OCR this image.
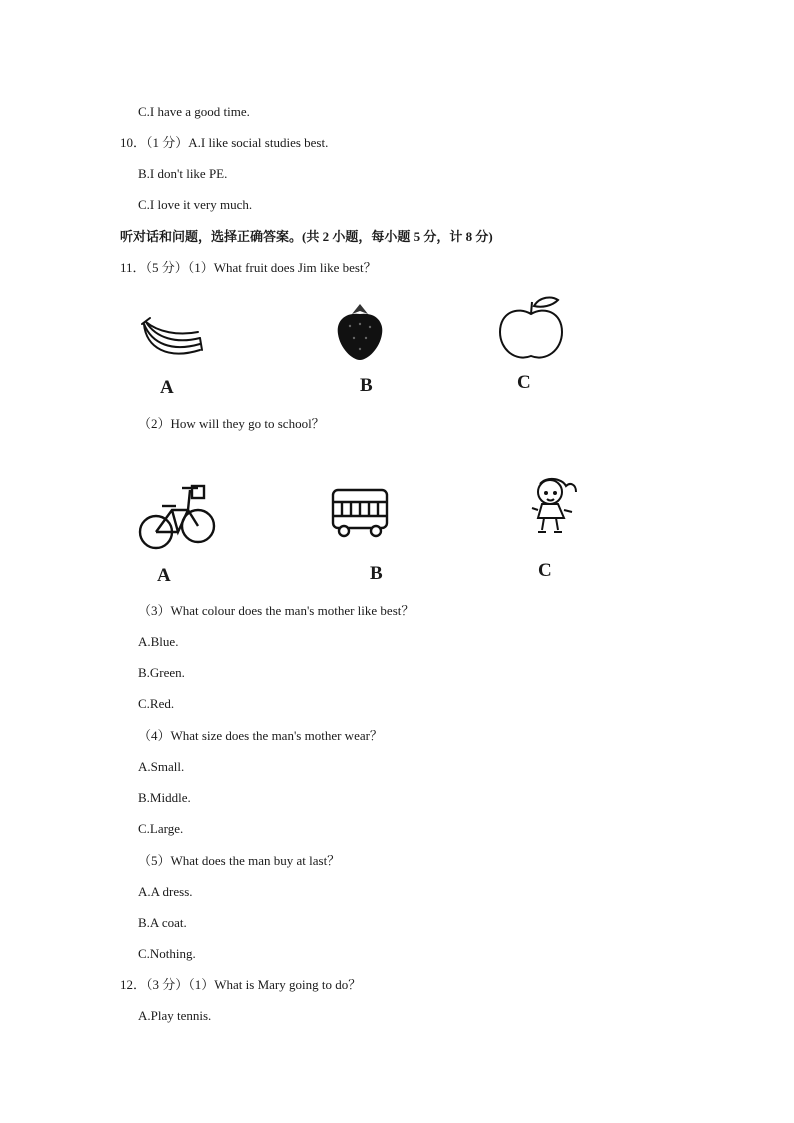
C.I have a good time.
10．（1 分）A.I like social studies best.
B.I don't like PE.
C.I love it very much.
听对话和问题，选择正确答案。(共 2 小题，每小题 5 分，计 8 分)
11．（5 分）（1）What fruit does Jim like best？
A	B	C
（2）How will they go to school？
A	B	C
（3）What colour does the man's mother like best？
A.Blue.
B.Green.
C.Red.
（4）What size does the man's mother wear？
A.Small.
B.Middle.
C.Large.
（5）What does the man buy at last？
A.A dress.
B.A coat.
C.Nothing.
12．（3 分）（1）What is Mary going to do？
A.Play tennis.
